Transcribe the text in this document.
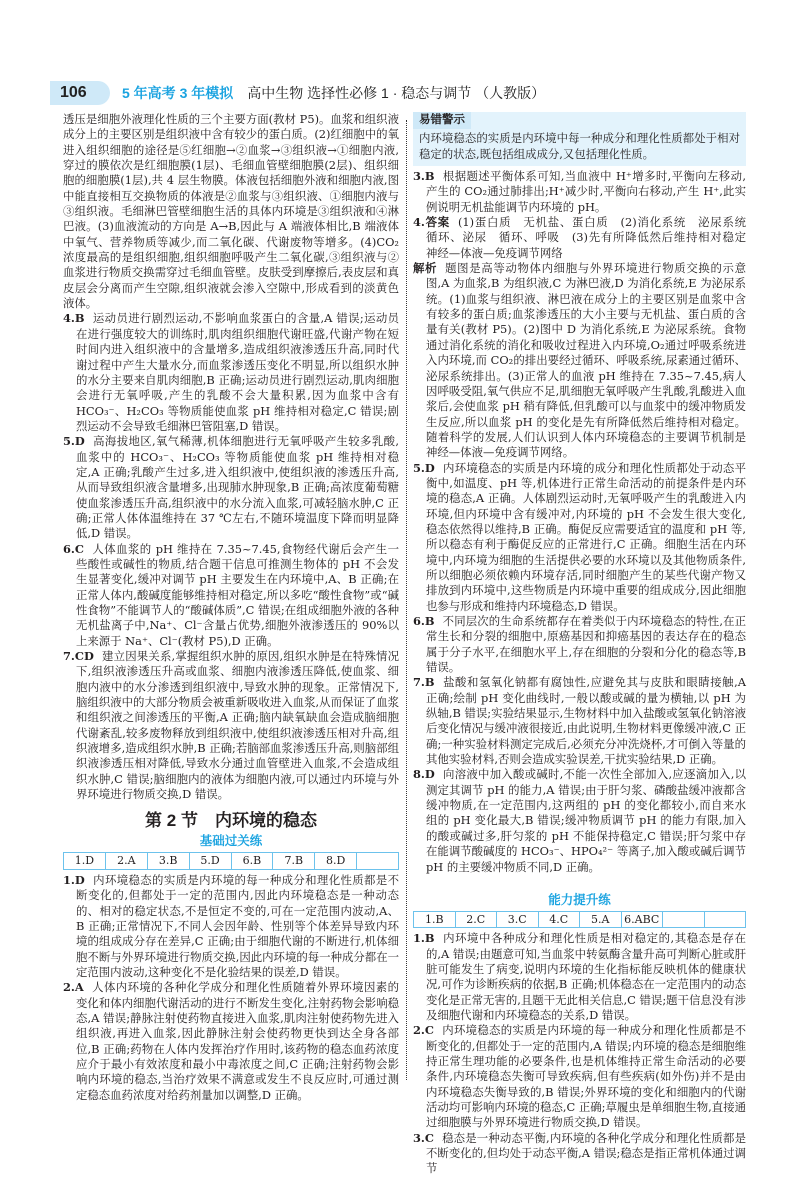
106	5 年高考 3 年模拟 高中生物 选择性必修 1 · 稳态与调节 （人教版）

透压是细胞外液理化性质的三个主要方面(教材 P5)。血浆和组织液成分上的主要区别是组织液中含有较少的蛋白质。(2)红细胞中的氧进入组织细胞的途径是⑤红细胞→②血浆→③组织液→①细胞内液,穿过的膜依次是红细胞膜(1层)、毛细血管壁细胞膜(2层)、组织细胞的细胞膜(1层),共 4 层生物膜。体液包括细胞外液和细胞内液,图中能直接相互交换物质的体液是②血浆与③组织液、①细胞内液与③组织液。毛细淋巴管壁细胞生活的具体内环境是③组织液和④淋巴液。(3)血液流动的方向是 A→B,因此与 A 端液体相比,B 端液体中氧气、营养物质等减少,而二氧化碳、代谢废物等增多。(4)CO₂浓度最高的是组织细胞,组织细胞呼吸产生二氧化碳,③组织液与②血浆进行物质交换需穿过毛细血管壁。皮肤受到摩擦后,表皮层和真皮层会分离而产生空隙,组织液就会渗入空隙中,形成看到的淡黄色液体。

4.B 运动员进行剧烈运动,不影响血浆蛋白的含量,A 错误;运动员在进行强度较大的训练时,肌肉组织细胞代谢旺盛,代谢产物在短时间内进入组织液中的含量增多,造成组织液渗透压升高,同时代谢过程中产生大量水分,而血浆渗透压变化不明显,所以组织水肿的水分主要来自肌肉细胞,B 正确;运动员进行剧烈运动,肌肉细胞会进行无氧呼吸,产生的乳酸不会大量积累,因为血浆中含有 HCO₃⁻、H₂CO₃ 等物质能使血浆 pH 维持相对稳定,C 错误;剧烈运动不会导致毛细淋巴管阻塞,D 错误。

5.D 高海拔地区,氧气稀薄,机体细胞进行无氧呼吸产生较多乳酸,血浆中的 HCO₃⁻、H₂CO₃ 等物质能使血浆 pH 维持相对稳定,A 正确;乳酸产生过多,进入组织液中,使组织液的渗透压升高,从而导致组织液含量增多,出现肺水肿现象,B 正确;高浓度葡萄糖使血浆渗透压升高,组织液中的水分流入血浆,可减轻脑水肿,C 正确;正常人体体温维持在 37 ℃左右,不随环境温度下降而明显降低,D 错误。

6.C 人体血浆的 pH 维持在 7.35~7.45,食物经代谢后会产生一些酸性或碱性的物质,结合题干信息可推测生物体的 pH 不会发生显著变化,缓冲对调节 pH 主要发生在内环境中,A、B 正确;在正常人体内,酸碱度能够维持相对稳定,所以多吃“酸性食物”或“碱性食物”不能调节人的“酸碱体质”,C 错误;在组成细胞外液的各种无机盐离子中,Na⁺、Cl⁻含量占优势,细胞外液渗透压的 90%以上来源于 Na⁺、Cl⁻(教材 P5),D 正确。

7.CD 建立因果关系,掌握组织水肿的原因,组织水肿是在特殊情况下,组织液渗透压升高或血浆、细胞内液渗透压降低,使血浆、细胞内液中的水分渗透到组织液中,导致水肿的现象。正常情况下,脑组织液中的大部分物质会被重新吸收进入血浆,从而保证了血浆和组织液之间渗透压的平衡,A 正确;脑内缺氧缺血会造成脑细胞代谢紊乱,较多废物释放到组织液中,使组织液渗透压相对升高,组织液增多,造成组织水肿,B 正确;若脑部血浆渗透压升高,则脑部组织液渗透压相对降低,导致水分通过血管壁进入血浆,不会造成组织水肿,C 错误;脑细胞内的液体为细胞内液,可以通过内环境与外界环境进行物质交换,D 错误。

第 2 节　内环境的稳态
基础过关练
1.D	2.A	3.B	5.D	6.B	7.B	8.D	

1.D 内环境稳态的实质是内环境的每一种成分和理化性质都是不断变化的,但都处于一定的范围内,因此内环境稳态是一种动态的、相对的稳定状态,不是恒定不变的,可在一定范围内波动,A、B 正确;正常情况下,不同人会因年龄、性别等个体差异导致内环境的组成成分存在差异,C 正确;由于细胞代谢的不断进行,机体细胞不断与外界环境进行物质交换,因此内环境的每一种成分都在一定范围内波动,这种变化不是化验结果的误差,D 错误。

2.A 人体内环境的各种化学成分和理化性质随着外界环境因素的变化和体内细胞代谢活动的进行不断发生变化,注射药物会影响稳态,A 错误;静脉注射使药物直接进入血浆,肌肉注射使药物先进入组织液,再进入血浆,因此静脉注射会使药物更快到达全身各部位,B 正确;药物在人体内发挥治疗作用时,该药物的稳态血药浓度应介于最小有效浓度和最小中毒浓度之间,C 正确;注射药物会影响内环境的稳态,当治疗效果不满意或发生不良反应时,可通过测定稳态血药浓度对给药剂量加以调整,D 正确。

易错警示
内环境稳态的实质是内环境中每一种成分和理化性质都处于相对稳定的状态,既包括组成成分,又包括理化性质。

3.B 根据题述平衡体系可知,当血液中 H⁺增多时,平衡向左移动,产生的 CO₂通过肺排出;H⁺减少时,平衡向右移动,产生 H⁺,此实例说明无机盐能调节内环境的 pH。

4.答案 (1)蛋白质　无机盐、蛋白质　(2)消化系统　泌尿系统　循环、泌尿　循环、呼吸　(3)先有所降低然后维持相对稳定　神经—体液—免疫调节网络

解析 题图是高等动物体内细胞与外界环境进行物质交换的示意图,A 为血浆,B 为组织液,C 为淋巴液,D 为消化系统,E 为泌尿系统。(1)血浆与组织液、淋巴液在成分上的主要区别是血浆中含有较多的蛋白质;血浆渗透压的大小主要与无机盐、蛋白质的含量有关(教材 P5)。(2)图中 D 为消化系统,E 为泌尿系统。食物通过消化系统的消化和吸收过程进入内环境,O₂通过呼吸系统进入内环境,而 CO₂的排出要经过循环、呼吸系统,尿素通过循环、泌尿系统排出。(3)正常人的血液 pH 维持在 7.35~7.45,病人因呼吸受阻,氧气供应不足,肌细胞无氧呼吸产生乳酸,乳酸进入血浆后,会使血浆 pH 稍有降低,但乳酸可以与血浆中的缓冲物质发生反应,所以血浆 pH 的变化是先有所降低然后维持相对稳定。随着科学的发展,人们认识到人体内环境稳态的主要调节机制是神经—体液—免疫调节网络。

5.D 内环境稳态的实质是内环境的成分和理化性质都处于动态平衡中,如温度、pH 等,机体进行正常生命活动的前提条件是内环境的稳态,A 正确。人体剧烈运动时,无氧呼吸产生的乳酸进入内环境,但内环境中含有缓冲对,内环境的 pH 不会发生很大变化,稳态依然得以维持,B 正确。酶促反应需要适宜的温度和 pH 等,所以稳态有利于酶促反应的正常进行,C 正确。细胞生活在内环境中,内环境为细胞的生活提供必要的水环境以及其他物质条件,所以细胞必须依赖内环境存活,同时细胞产生的某些代谢产物又排放到内环境中,这些物质是内环境中重要的组成成分,因此细胞也参与形成和维持内环境稳态,D 错误。

6.B 不同层次的生命系统都存在着类似于内环境稳态的特性,在正常生长和分裂的细胞中,原癌基因和抑癌基因的表达存在的稳态属于分子水平,在细胞水平上,存在细胞的分裂和分化的稳态等,B 错误。

7.B 盐酸和氢氧化钠都有腐蚀性,应避免其与皮肤和眼睛接触,A 正确;绘制 pH 变化曲线时,一般以酸或碱的量为横轴,以 pH 为纵轴,B 错误;实验结果显示,生物材料中加入盐酸或氢氧化钠溶液后变化情况与缓冲液很接近,由此说明,生物材料更像缓冲液,C 正确;一种实验材料测定完成后,必须充分冲洗烧杯,才可倒入等量的其他实验材料,否则会造成实验误差,干扰实验结果,D 正确。

8.D 向溶液中加入酸或碱时,不能一次性全部加入,应逐滴加入,以测定其调节 pH 的能力,A 错误;由于肝匀浆、磷酸盐缓冲液都含缓冲物质,在一定范围内,这两组的 pH 的变化都较小,而自来水组的 pH 变化最大,B 错误;缓冲物质调节 pH 的能力有限,加入的酸或碱过多,肝匀浆的 pH 不能保持稳定,C 错误;肝匀浆中存在能调节酸碱度的 HCO₃⁻、HPO₄²⁻ 等离子,加入酸或碱后调节 pH 的主要缓冲物质不同,D 正确。

能力提升练
1.B	2.C	3.C	4.C	5.A	6.ABC		

1.B 内环境中各种成分和理化性质是相对稳定的,其稳态是存在的,A 错误;由题意可知,当血浆中转氨酶含量升高可判断心脏或肝脏可能发生了病变,说明内环境的生化指标能反映机体的健康状况,可作为诊断疾病的依据,B 正确;机体稳态在一定范围内的动态变化是正常无害的,且题干无此相关信息,C 错误;题干信息没有涉及细胞代谢和内环境稳态的关系,D 错误。

2.C 内环境稳态的实质是内环境的每一种成分和理化性质都是不断变化的,但都处于一定的范围内,A 错误;内环境的稳态是细胞维持正常生理功能的必要条件,也是机体维持正常生命活动的必要条件,内环境稳态失衡可导致疾病,但有些疾病(如外伤)并不是由内环境稳态失衡导致的,B 错误;外界环境的变化和细胞内的代谢活动均可影响内环境的稳态,C 正确;草履虫是单细胞生物,直接通过细胞膜与外界环境进行物质交换,D 错误。

3.C 稳态是一种动态平衡,内环境的各种化学成分和理化性质都是不断变化的,但均处于动态平衡,A 错误;稳态是指正常机体通过调节
